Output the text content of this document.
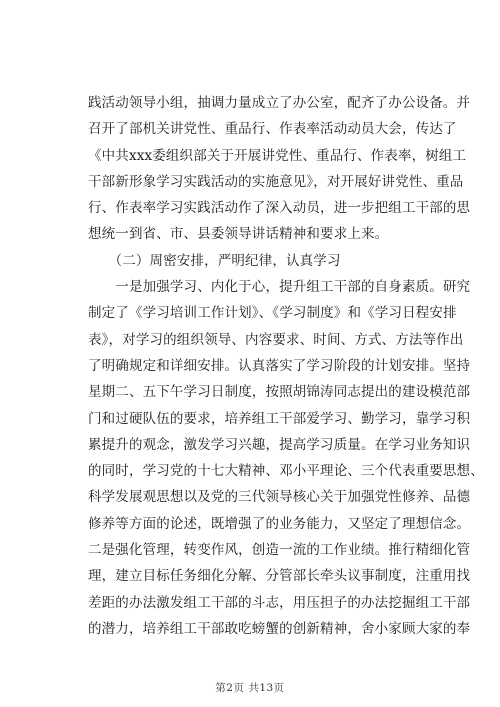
践活动领导小组，抽调力量成立了办公室，配齐了办公设备。并
召开了部机关讲党性、重品行、作表率活动动员大会，传达了
《中共xxx委组织部关于开展讲党性、重品行、作表率，树组工
干部新形象学习实践活动的实施意见》，对开展好讲党性、重品
行、作表率学习实践活动作了深入动员，进一步把组工干部的思
想统一到省、市、县委领导讲话精神和要求上来。
　　（二）周密安排，严明纪律，认真学习
　　一是加强学习、内化于心，提升组工干部的自身素质。研究
制定了《学习培训工作计划》、《学习制度》和《学习日程安排
表》，对学习的组织领导、内容要求、时间、方式、方法等作出
了明确规定和详细安排。认真落实了学习阶段的计划安排。坚持
星期二、五下午学习日制度，按照胡锦涛同志提出的建设模范部
门和过硬队伍的要求，培养组工干部爱学习、勤学习，靠学习积
累提升的观念，激发学习兴趣，提高学习质量。在学习业务知识
的同时，学习党的十七大精神、邓小平理论、三个代表重要思想、
科学发展观思想以及党的三代领导核心关于加强党性修养、品德
修养等方面的论述，既增强了的业务能力，又坚定了理想信念。
二是强化管理，转变作风，创造一流的工作业绩。推行精细化管
理，建立目标任务细化分解、分管部长牵头议事制度，注重用找
差距的办法激发组工干部的斗志，用压担子的办法挖掘组工干部
的潜力，培养组工干部敢吃螃蟹的创新精神，舍小家顾大家的奉
第2页 共13页
